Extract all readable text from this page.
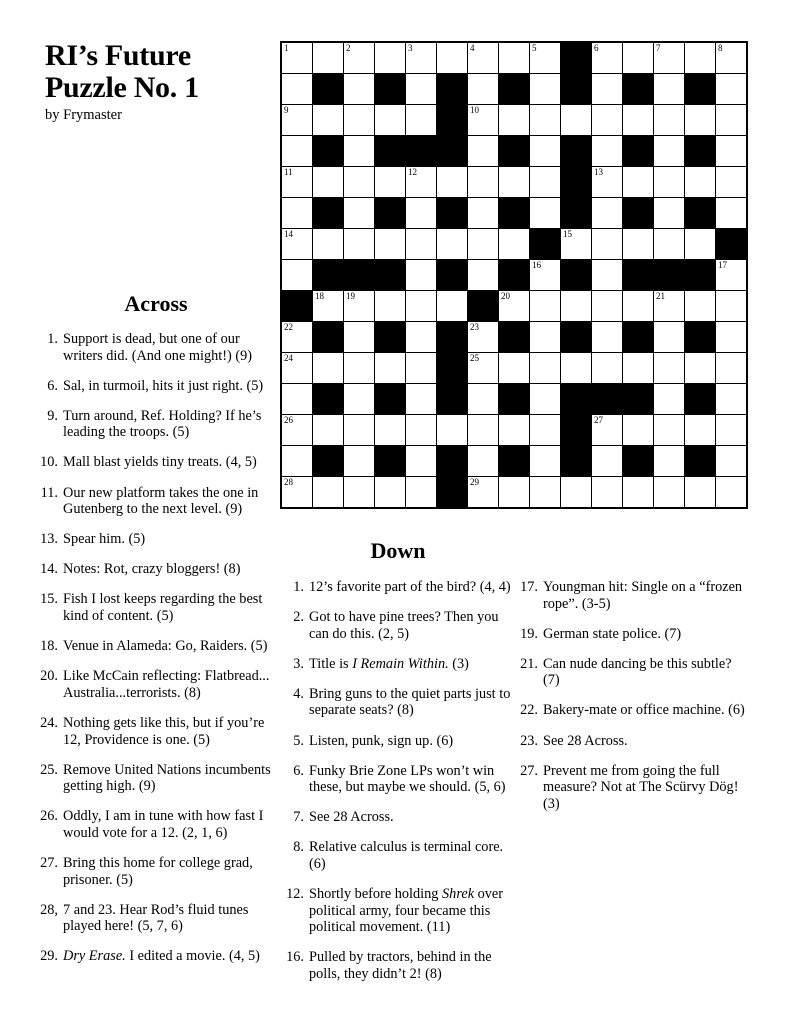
RI’s Future
Puzzle No. 1
by Frymaster
1	2	3	4	5	6	7	8
9	10
11	12	13
14	15
16	17
18 19	20	21
22	23
24	25
26	27
28	29
Across
1. Support is dead, but one of our writers did. (And one might!) (9)
6. Sal, in turmoil, hits it just right. (5)
9. Turn around, Ref. Holding? If he’s leading the troops. (5)
10. Mall blast yields tiny treats. (4, 5)
11. Our new platform takes the one in Gutenberg to the next level. (9)
13. Spear him. (5)
14. Notes: Rot, crazy bloggers! (8)
15. Fish I lost keeps regarding the best kind of content. (5)
18. Venue in Alameda: Go, Raiders. (5)
20. Like McCain reflecting: Flatbread... Australia...terrorists. (8)
24. Nothing gets like this, but if you’re 12, Providence is one. (5)
25. Remove United Nations incumbents getting high. (9)
26. Oddly, I am in tune with how fast I would vote for a 12. (2, 1, 6)
27. Bring this home for college grad, prisoner. (5)
28, 7 and 23. Hear Rod’s fluid tunes played here! (5, 7, 6)
29. Dry Erase. I edited a movie. (4, 5)
Down
1. 12’s favorite part of the bird? (4, 4)
2. Got to have pine trees? Then you can do this. (2, 5)
3. Title is I Remain Within. (3)
4. Bring guns to the quiet parts just to separate seats? (8)
5. Listen, punk, sign up. (6)
6. Funky Brie Zone LPs won’t win these, but maybe we should. (5, 6)
7. See 28 Across.
8. Relative calculus is terminal core. (6)
12. Shortly before holding Shrek over political army, four became this political movement. (11)
16. Pulled by tractors, behind in the polls, they didn’t 2! (8)
17. Youngman hit: Single on a “frozen rope”. (3-5)
19. German state police. (7)
21. Can nude dancing be this subtle? (7)
22. Bakery-mate or office machine. (6)
23. See 28 Across.
27. Prevent me from going the full measure? Not at The Scürvy Dög! (3)
